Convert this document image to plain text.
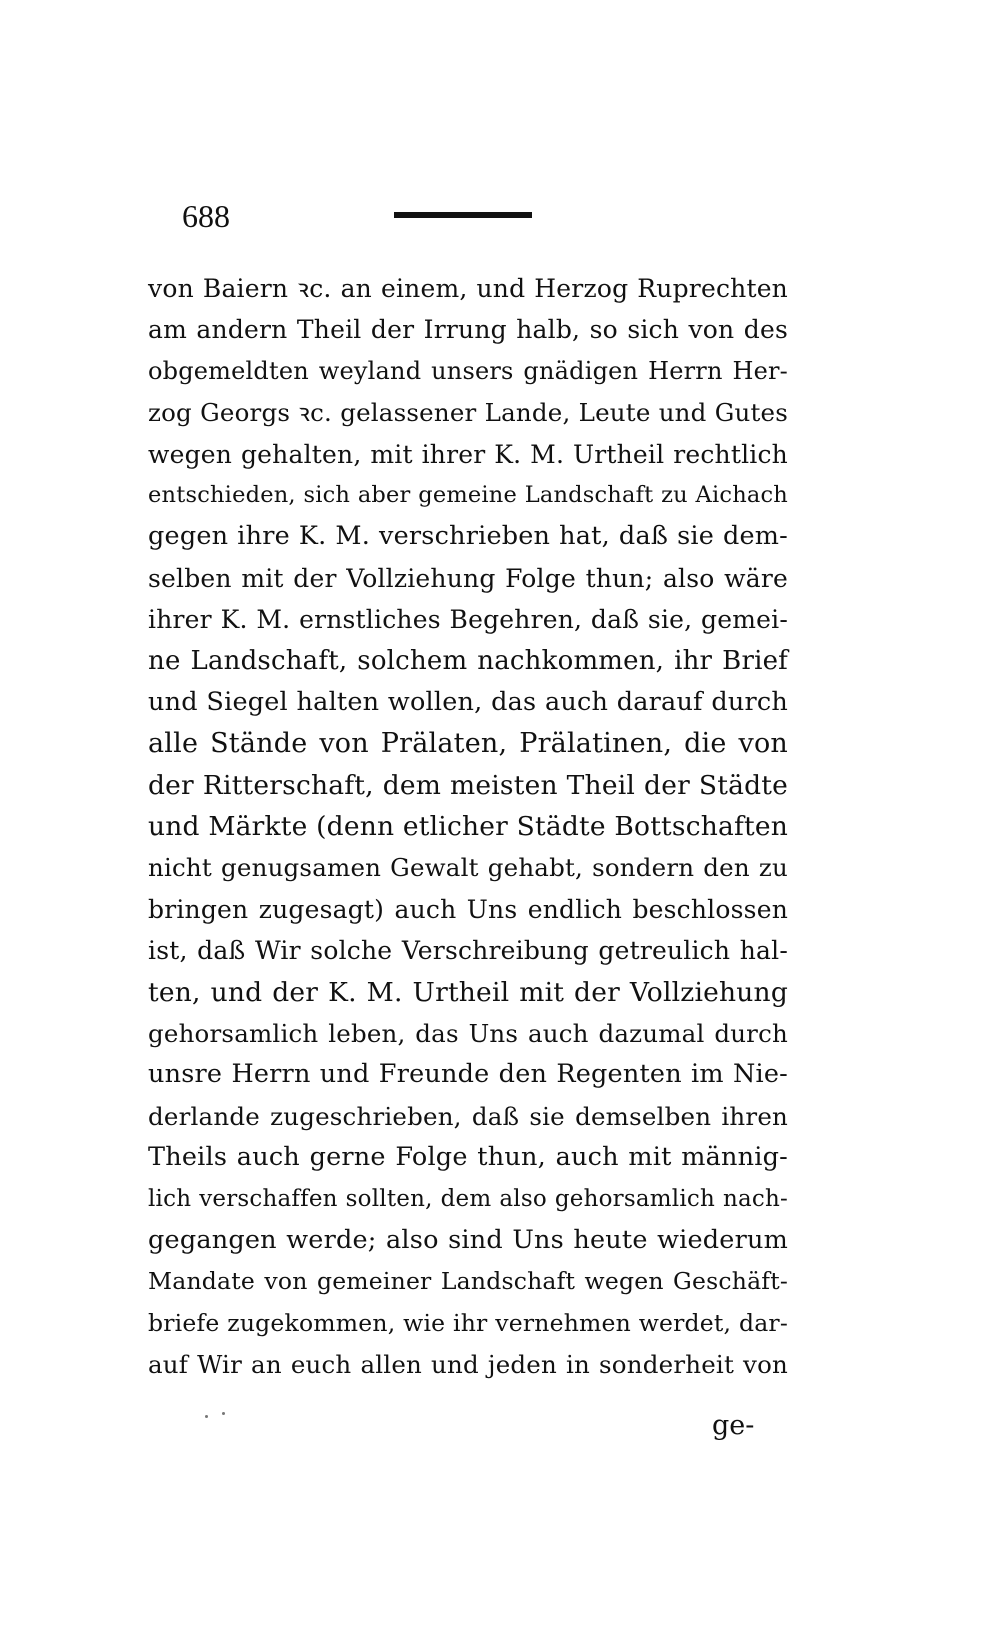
688
von Baiern ꝛc. an einem, und Herzog Ruprechten
am andern Theil der Irrung halb, so sich von des
obgemeldten weyland unsers gnädigen Herrn Her-
zog Georgs ꝛc. gelassener Lande, Leute und Gutes
wegen gehalten, mit ihrer K. M. Urtheil rechtlich
entschieden, sich aber gemeine Landschaft zu Aichach
gegen ihre K. M. verschrieben hat, daß sie dem-
selben mit der Vollziehung Folge thun; also wäre
ihrer K. M. ernstliches Begehren, daß sie, gemei-
ne Landschaft, solchem nachkommen, ihr Brief
und Siegel halten wollen, das auch darauf durch
alle Stände von Prälaten, Prälatinen, die von
der Ritterschaft, dem meisten Theil der Städte
und Märkte (denn etlicher Städte Bottschaften
nicht genugsamen Gewalt gehabt, sondern den zu
bringen zugesagt) auch Uns endlich beschlossen
ist, daß Wir solche Verschreibung getreulich hal-
ten, und der K. M. Urtheil mit der Vollziehung
gehorsamlich leben, das Uns auch dazumal durch
unsre Herrn und Freunde den Regenten im Nie-
derlande zugeschrieben, daß sie demselben ihren
Theils auch gerne Folge thun, auch mit männig-
lich verschaffen sollten, dem also gehorsamlich nach-
gegangen werde; also sind Uns heute wiederum
Mandate von gemeiner Landschaft wegen Geschäft-
briefe zugekommen, wie ihr vernehmen werdet, dar-
auf Wir an euch allen und jeden in sonderheit von
ge-
